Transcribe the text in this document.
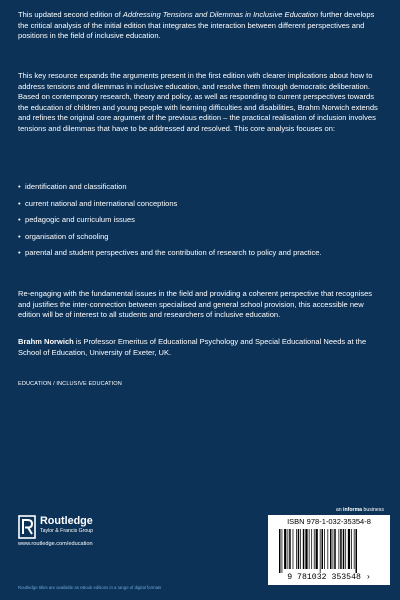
This updated second edition of Addressing Tensions and Dilemmas in Inclusive Education further develops the critical analysis of the initial edition that integrates the interaction between different perspectives and positions in the field of inclusive education.

This key resource expands the arguments present in the first edition with clearer implications about how to address tensions and dilemmas in inclusive education, and resolve them through democratic deliberation. Based on contemporary research, theory and policy, as well as responding to current perspectives towards the education of children and young people with learning difficulties and disabilities, Brahm Norwich extends and refines the original core argument of the previous edition – the practical realisation of inclusion involves tensions and dilemmas that have to be addressed and resolved. This core analysis focuses on:

• identification and classification
• current national and international conceptions
• pedagogic and curriculum issues
• organisation of schooling
• parental and student perspectives and the contribution of research to policy and practice.

Re-engaging with the fundamental issues in the field and providing a coherent perspective that recognises and justifies the inter-connection between specialised and general school provision, this accessible new edition will be of interest to all students and researchers of inclusive education.

Brahm Norwich is Professor Emeritus of Educational Psychology and Special Educational Needs at the School of Education, University of Exeter, UK.

EDUCATION / INCLUSIVE EDUCATION
an informa business
Routledge
Taylor & Francis Group
www.routledge.com/education
Routledge titles are available as eBook editions in a range of digital formats
ISBN 978-1-032-35354-8
9 781032 353548 ›
